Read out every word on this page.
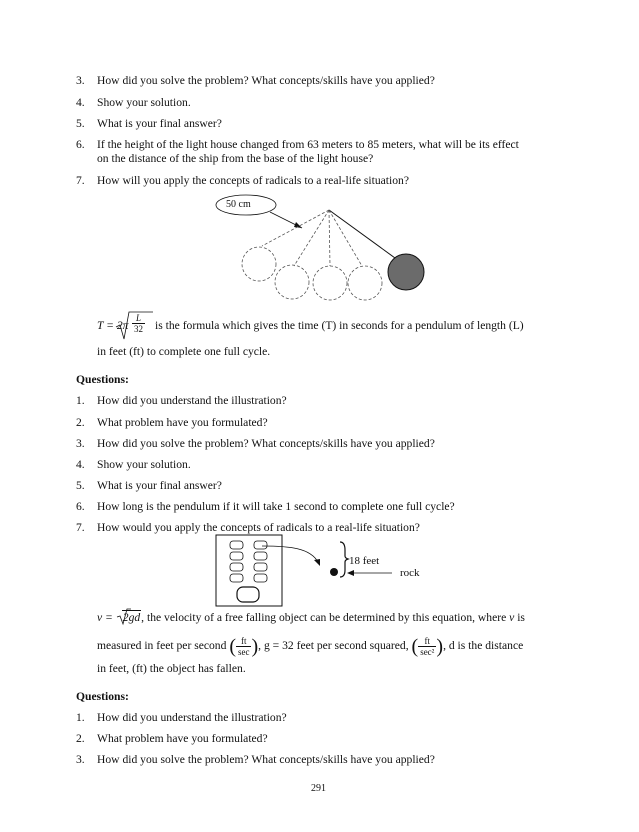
3. How did you solve the problem? What concepts/skills have you applied?
4. Show your solution.
5. What is your final answer?
6. If the height of the light house changed from 63 meters to 85 meters, what will be its effect
on the distance of the ship from the base of the light house?
7. How will you apply the concepts of radicals to a real-life situation?
50 cm
$T = 2\pi \frac{L}{32}$ is the formula which gives the time (T) in seconds for a pendulum of length (L)
in feet (ft) to complete one full cycle.
Questions:
1. How did you understand the illustration?
2. What problem have you formulated?
3. How did you solve the problem? What concepts/skills have you applied?
4. Show your solution.
5. What is your final answer?
6. How long is the pendulum if it will take 1 second to complete one full cycle?
7. How would you apply the concepts of radicals to a real-life situation?
18 feet
rock
v = 2gd, the velocity of a free falling object can be determined by this equation, where v is
measured in feet per second ( $\frac{ft}{\sec}$ ), g = 32 feet per second squared, ( $\frac{ft}{\text{sec²}}$ ), d is the distance
in feet, (ft) the object has fallen.
Questions:
1. How did you understand the illustration?
2. What problem have you formulated?
3. How did you solve the problem? What concepts/skills have you applied?
291
